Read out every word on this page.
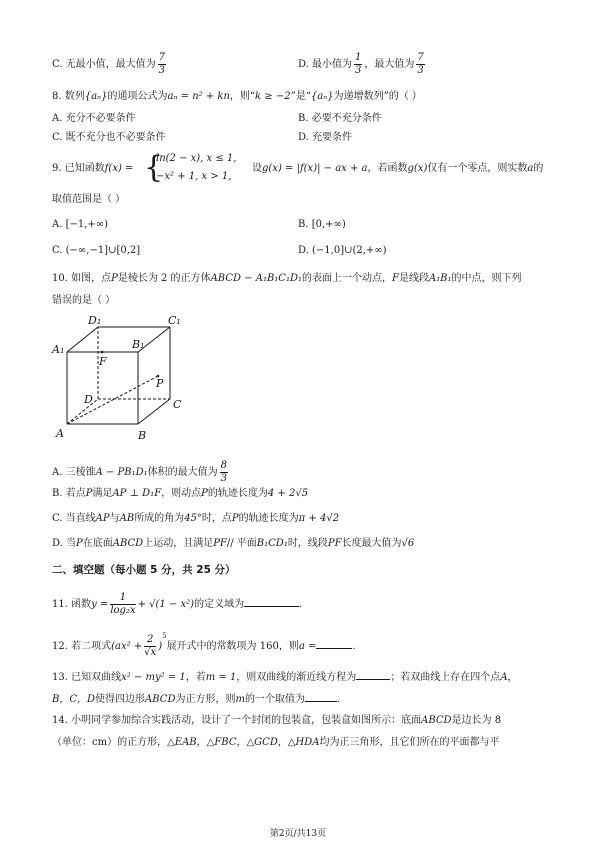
C. 无最小值，最大值为 $\frac{7}{3}$	D. 最小值为 $\frac{1}{3}$ ，最大值为 $\frac{7}{3}$
8. 数列{aₙ}的通项公式为aₙ = n² + kn，则“k ≥ −2”是“{aₙ}为递增数列”的（ ）
A. 充分不必要条件	B. 必要不充分条件
C. 既不充分也不必要条件	D. 充要条件
9. 已知函数f(x) = {
ln(2 − x), x ≤ 1,
−x² + 1, x > 1,
设g(x) = |f(x)| − ax + a，若函数g(x)仅有一个零点，则实数a的
取值范围是（ ）
A. [−1,+∞)	B. [0,+∞)
C. (−∞,−1]∪[0,2]	D. (−1,0]∪(2,+∞)
10. 如图，点P是棱长为 2 的正方体ABCD − A₁B₁C₁D₁的表面上一个动点，F是线段A₁B₁的中点，则下列
错误的是（ ）
D₁	C₁
A₁	B₁
F
P
D	C
A	B
A. 三棱锥A − PB₁D₁体积的最大值为 $\frac{8}{3}$
B. 若点P满足AP ⊥ D₁F，则动点P的轨迹长度为4 + 2√5
C. 当直线AP与AB所成的角为45°时，点P的轨迹长度为π + 4√2
D. 当P在底面ABCD上运动，且满足PF// 平面B₁CD₁时，线段PF长度最大值为√6
二、填空题（每小题 5 分，共 25 分）
11. 函数$y = \frac{1}{\text{log₂x}} + √(1 - x^2)$的定义域为	.
12. 若二项式$(ax^2 + \frac{2}{√x} )^5$展开式中的常数项为 160，则a =	.
13. 已知双曲线x² − my² = 1，若m = 1，则双曲线的渐近线方程为	；若双曲线上存在四个点A，
B，C，D使得四边形ABCD为正方形，则m的一个取值为	.
14. 小明同学参加综合实践活动，设计了一个封闭的包装盒，包装盒如图所示：底面ABCD是边长为 8
（单位：cm）的正方形，△EAB，△FBC，△GCD，△HDA均为正三角形，且它们所在的平面都与平
第2页/共13页
